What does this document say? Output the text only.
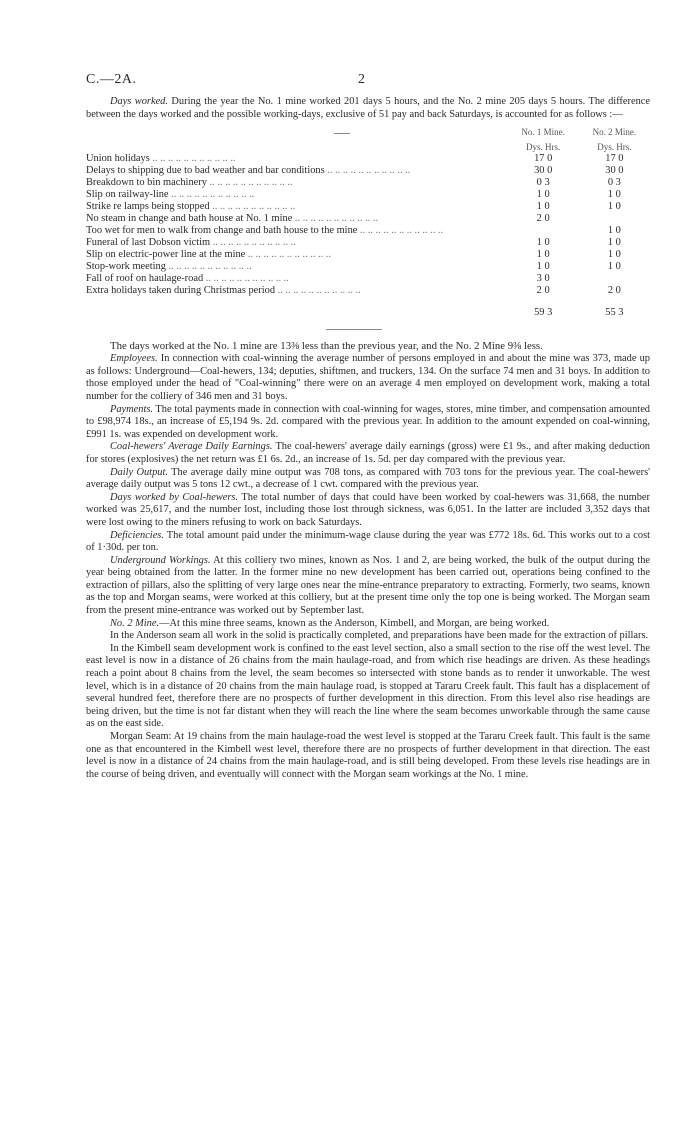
C.—2A.	2

Days worked. During the year the No. 1 mine worked 201 days 5 hours, and the No. 2 mine 205 days 5 hours. The difference between the days worked and the possible working-days, exclusive of 51 pay and back Saturdays, is accounted for as follows :—

	No. 1 Mine.	No. 2 Mine.
	Dys. Hrs.	Dys. Hrs.
Union holidays .. .. .. .. .. .. .. .. .. .. ..	17 0	17 0
Delays to shipping due to bad weather and bar conditions .. .. .. .. .. .. .. .. .. .. ..	30 0	30 0
Breakdown to bin machinery .. .. .. .. .. .. .. .. .. .. ..	0 3	0 3
Slip on railway-line .. .. .. .. .. .. .. .. .. .. ..	1 0	1 0
Strike re lamps being stopped .. .. .. .. .. .. .. .. .. .. ..	1 0	1 0
No steam in change and bath house at No. 1 mine .. .. .. .. .. .. .. .. .. .. ..	2 0	
Too wet for men to walk from change and bath house to the mine .. .. .. .. .. .. .. .. .. .. ..		1 0
Funeral of last Dobson victim .. .. .. .. .. .. .. .. .. .. ..	1 0	1 0
Slip on electric-power line at the mine .. .. .. .. .. .. .. .. .. .. ..	1 0	1 0
Stop-work meeting .. .. .. .. .. .. .. .. .. .. ..	1 0	1 0
Fall of roof on haulage-road .. .. .. .. .. .. .. .. .. .. ..	3 0	
Extra holidays taken during Christmas period .. .. .. .. .. .. .. .. .. .. ..	2 0	2 0
	59 3	55 3

The days worked at the No. 1 mine are 13⅜ less than the previous year, and the No. 2 Mine 9⅜ less.

Employees. In connection with coal-winning the average number of persons employed in and about the mine was 373, made up as follows: Underground—Coal-hewers, 134; deputies, shiftmen, and truckers, 134. On the surface 74 men and 31 boys. In addition to those employed under the head of "Coal-winning" there were on an average 4 men employed on development work, making a total number for the colliery of 346 men and 31 boys.

Payments. The total payments made in connection with coal-winning for wages, stores, mine timber, and compensation amounted to £98,974 18s., an increase of £5,194 9s. 2d. compared with the previous year. In addition to the amount expended on coal-winning, £991 1s. was expended on development work.

Coal-hewers' Average Daily Earnings. The coal-hewers' average daily earnings (gross) were £1 9s., and after making deduction for stores (explosives) the net return was £1 6s. 2d., an increase of 1s. 5d. per day compared with the previous year.

Daily Output. The average daily mine output was 708 tons, as compared with 703 tons for the previous year. The coal-hewers' average daily output was 5 tons 12 cwt., a decrease of 1 cwt. compared with the previous year.

Days worked by Coal-hewers. The total number of days that could have been worked by coal-hewers was 31,668, the number worked was 25,617, and the number lost, including those lost through sickness, was 6,051. In the latter are included 3,352 days that were lost owing to the miners refusing to work on back Saturdays.

Deficiencies. The total amount paid under the minimum-wage clause during the year was £772 18s. 6d. This works out to a cost of 1·30d. per ton.

Underground Workings. At this colliery two mines, known as Nos. 1 and 2, are being worked, the bulk of the output during the year being obtained from the latter. In the former mine no new development has been carried out, operations being confined to the extraction of pillars, also the splitting of very large ones near the mine-entrance preparatory to extracting. Formerly, two seams, known as the top and Morgan seams, were worked at this colliery, but at the present time only the top one is being worked. The Morgan seam from the present mine-entrance was worked out by September last.

No. 2 Mine.—At this mine three seams, known as the Anderson, Kimbell, and Morgan, are being worked.

In the Anderson seam all work in the solid is practically completed, and preparations have been made for the extraction of pillars.

In the Kimbell seam development work is confined to the east level section, also a small section to the rise off the west level. The east level is now in a distance of 26 chains from the main haulage-road, and from which rise headings are driven. As these headings reach a point about 8 chains from the level, the seam becomes so intersected with stone bands as to render it unworkable. The west level, which is in a distance of 20 chains from the main haulage road, is stopped at Tararu Creek fault. This fault has a displacement of several hundred feet, therefore there are no prospects of further development in this direction. From this level also rise headings are being driven, but the time is not far distant when they will reach the line where the seam becomes unworkable through the same cause as on the east side.

Morgan Seam: At 19 chains from the main haulage-road the west level is stopped at the Tararu Creek fault. This fault is the same one as that encountered in the Kimbell west level, therefore there are no prospects of further development in that direction. The east level is now in a distance of 24 chains from the main haulage-road, and is still being developed. From these levels rise headings are in the course of being driven, and eventually will connect with the Morgan seam workings at the No. 1 mine.
